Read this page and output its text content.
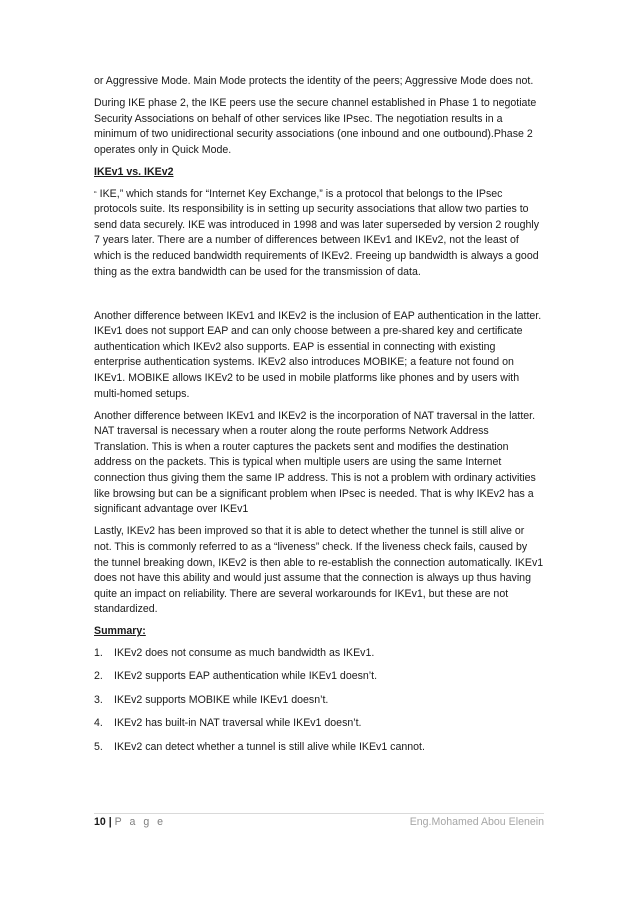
or Aggressive Mode. Main Mode protects the identity of the peers; Aggressive Mode does not.

During IKE phase 2, the IKE peers use the secure channel established in Phase 1 to negotiate Security Associations on behalf of other services like IPsec. The negotiation results in a minimum of two unidirectional security associations (one inbound and one outbound).Phase 2 operates only in Quick Mode.

IKEv1 vs. IKEv2

“ IKE,” which stands for “Internet Key Exchange,” is a protocol that belongs to the IPsec protocols suite. Its responsibility is in setting up security associations that allow two parties to send data securely. IKE was introduced in 1998 and was later superseded by version 2 roughly 7 years later. There are a number of differences between IKEv1 and IKEv2, not the least of which is the reduced bandwidth requirements of IKEv2. Freeing up bandwidth is always a good thing as the extra bandwidth can be used for the transmission of data.

Another difference between IKEv1 and IKEv2 is the inclusion of EAP authentication in the latter. IKEv1 does not support EAP and can only choose between a pre-shared key and certificate authentication which IKEv2 also supports. EAP is essential in connecting with existing enterprise authentication systems. IKEv2 also introduces MOBIKE; a feature not found on IKEv1. MOBIKE allows IKEv2 to be used in mobile platforms like phones and by users with multi-homed setups.

Another difference between IKEv1 and IKEv2 is the incorporation of NAT traversal in the latter. NAT traversal is necessary when a router along the route performs Network Address Translation. This is when a router captures the packets sent and modifies the destination address on the packets. This is typical when multiple users are using the same Internet connection thus giving them the same IP address. This is not a problem with ordinary activities like browsing but can be a significant problem when IPsec is needed. That is why IKEv2 has a significant advantage over IKEv1

Lastly, IKEv2 has been improved so that it is able to detect whether the tunnel is still alive or not. This is commonly referred to as a “liveness” check. If the liveness check fails, caused by the tunnel breaking down, IKEv2 is then able to re-establish the connection automatically. IKEv1 does not have this ability and would just assume that the connection is always up thus having quite an impact on reliability. There are several workarounds for IKEv1, but these are not standardized.

Summary:

1.	IKEv2 does not consume as much bandwidth as IKEv1.
2.	IKEv2 supports EAP authentication while IKEv1 doesn’t.
3.	IKEv2 supports MOBIKE while IKEv1 doesn’t.
4.	IKEv2 has built-in NAT traversal while IKEv1 doesn’t.
5.	IKEv2 can detect whether a tunnel is still alive while IKEv1 cannot.
10 | P a g e	Eng.Mohamed Abou Elenein
